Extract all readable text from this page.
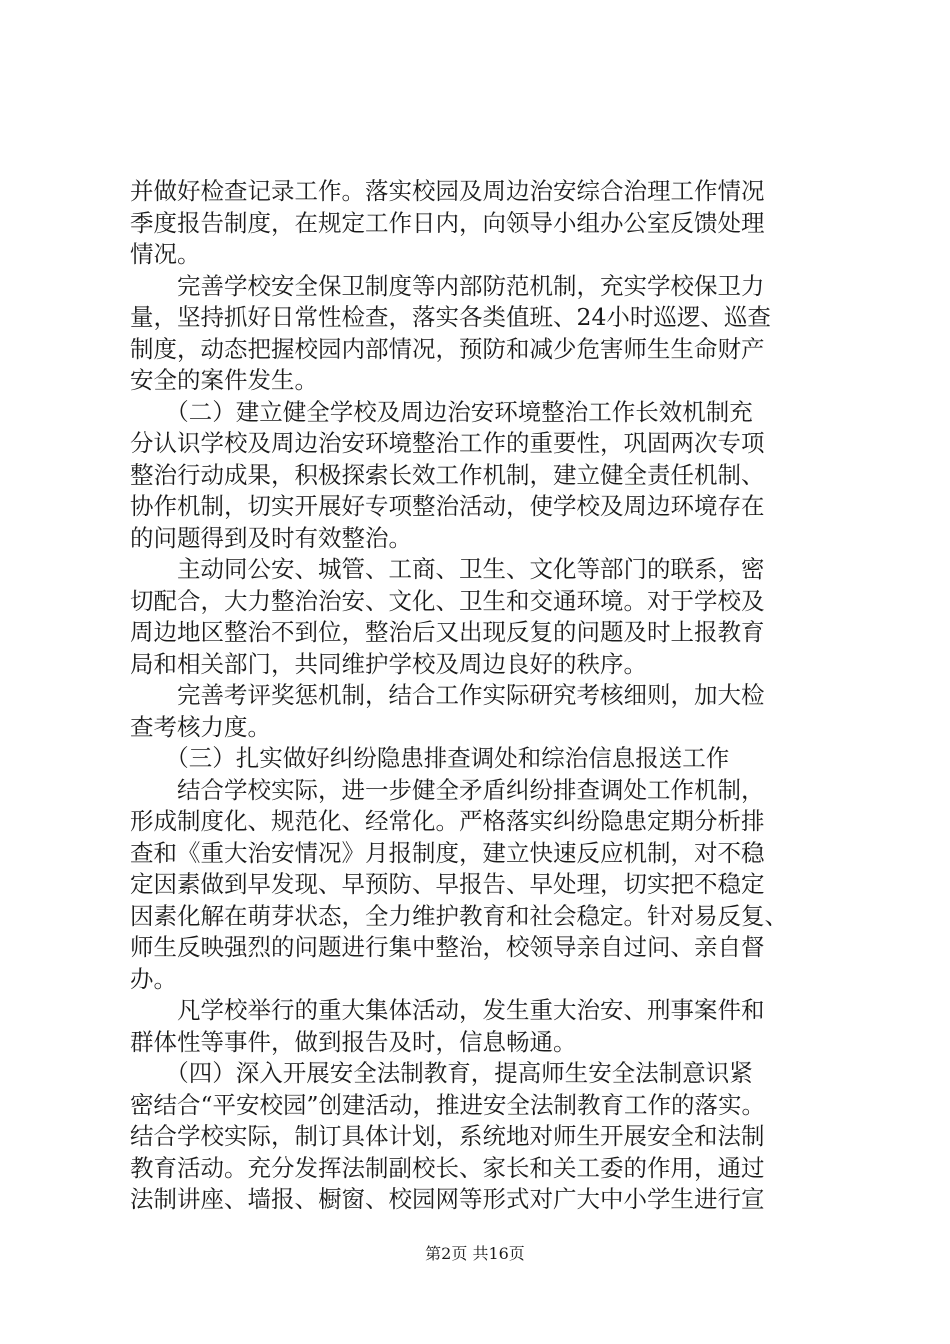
并做好检查记录工作。落实校园及周边治安综合治理工作情况
季度报告制度，在规定工作日内，向领导小组办公室反馈处理
情况。
　　完善学校安全保卫制度等内部防范机制，充实学校保卫力
量，坚持抓好日常性检查，落实各类值班、24小时巡逻、巡查
制度，动态把握校园内部情况，预防和减少危害师生生命财产
安全的案件发生。
　　（二）建立健全学校及周边治安环境整治工作长效机制充
分认识学校及周边治安环境整治工作的重要性，巩固两次专项
整治行动成果，积极探索长效工作机制，建立健全责任机制、
协作机制，切实开展好专项整治活动，使学校及周边环境存在
的问题得到及时有效整治。
　　主动同公安、城管、工商、卫生、文化等部门的联系，密
切配合，大力整治治安、文化、卫生和交通环境。对于学校及
周边地区整治不到位，整治后又出现反复的问题及时上报教育
局和相关部门，共同维护学校及周边良好的秩序。
　　完善考评奖惩机制，结合工作实际研究考核细则，加大检
查考核力度。
　　（三）扎实做好纠纷隐患排查调处和综治信息报送工作
　　结合学校实际，进一步健全矛盾纠纷排查调处工作机制，
形成制度化、规范化、经常化。严格落实纠纷隐患定期分析排
查和《重大治安情况》月报制度，建立快速反应机制，对不稳
定因素做到早发现、早预防、早报告、早处理，切实把不稳定
因素化解在萌芽状态，全力维护教育和社会稳定。针对易反复、
师生反映强烈的问题进行集中整治，校领导亲自过问、亲自督
办。
　　凡学校举行的重大集体活动，发生重大治安、刑事案件和
群体性等事件，做到报告及时，信息畅通。
　　（四）深入开展安全法制教育，提高师生安全法制意识紧
密结合“平安校园”创建活动，推进安全法制教育工作的落实。
结合学校实际，制订具体计划，系统地对师生开展安全和法制
教育活动。充分发挥法制副校长、家长和关工委的作用，通过
法制讲座、墙报、橱窗、校园网等形式对广大中小学生进行宣
第2页 共16页
